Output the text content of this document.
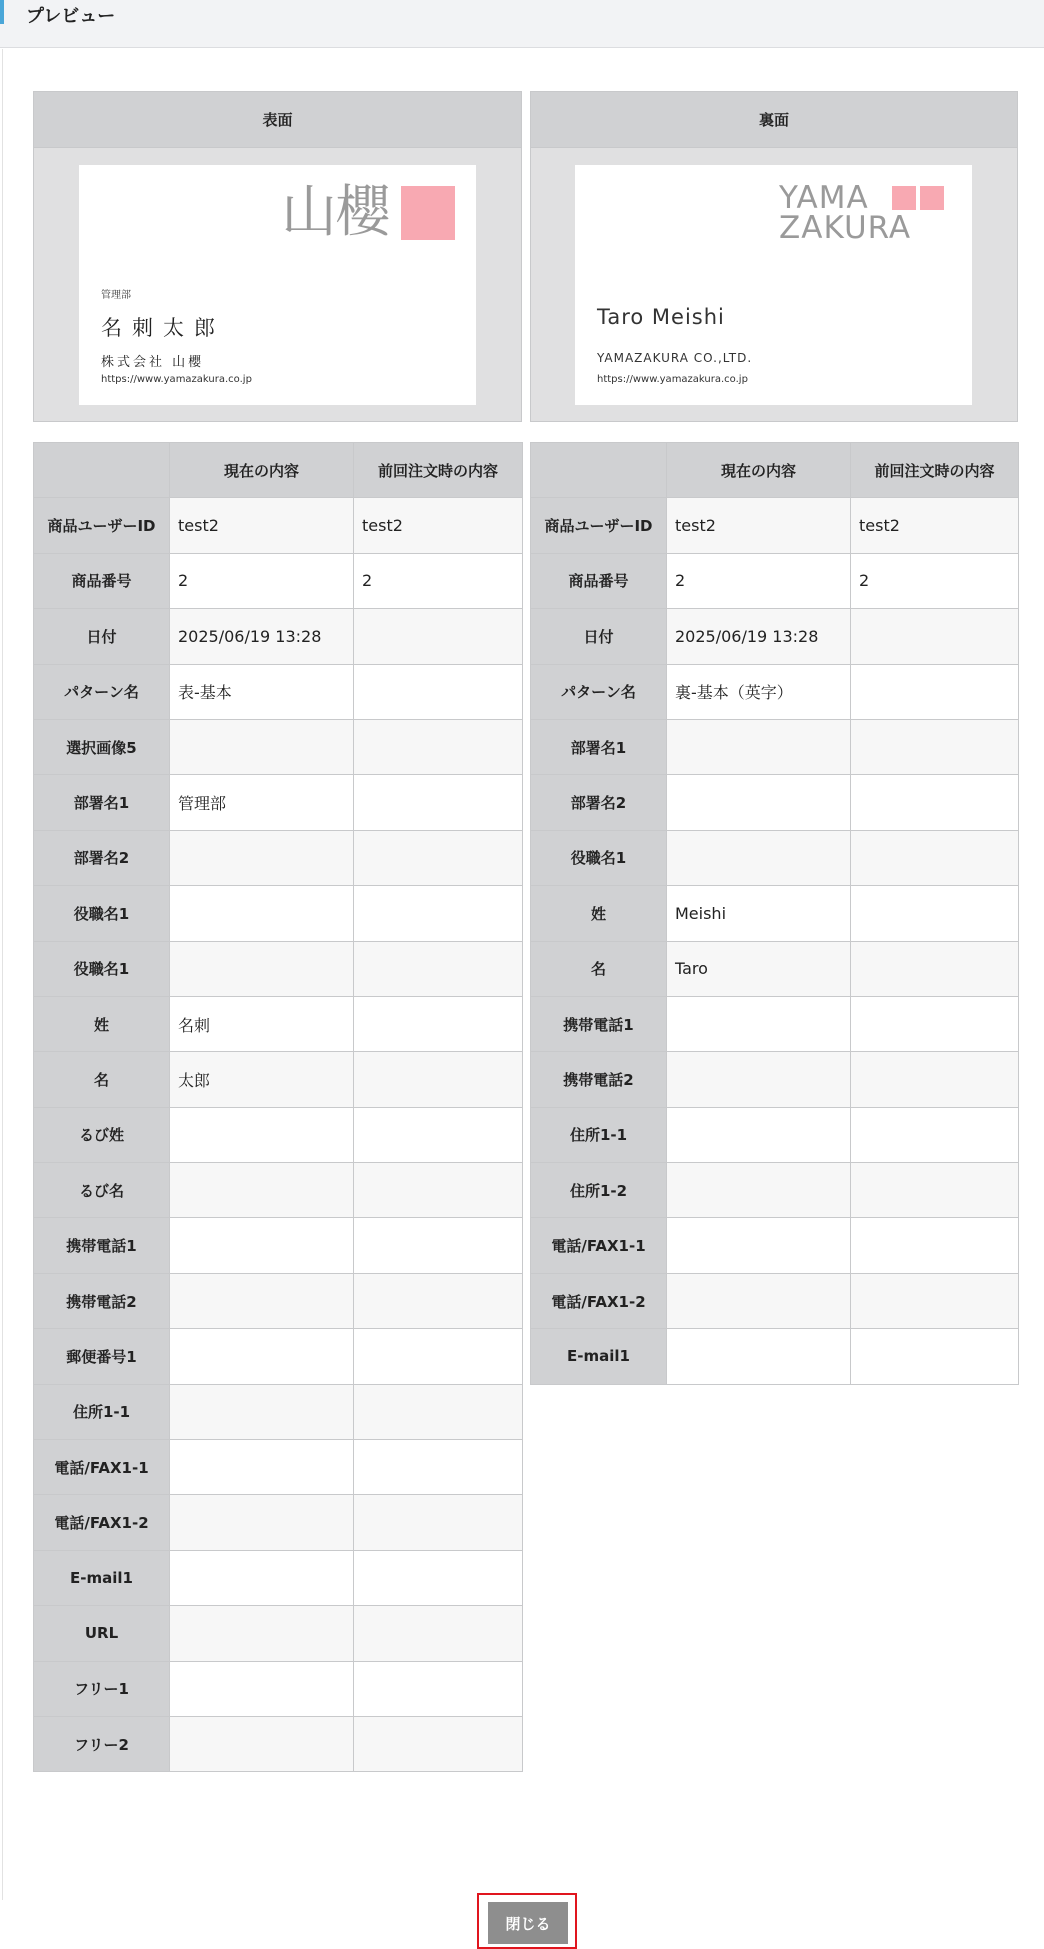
プレビュー
表面
山櫻
管理部
名刺太郎
株式会社 山櫻
https://www.yamazakura.co.jp
	現在の内容	前回注文時の内容
商品ユーザーID	test2	test2
商品番号	2	2
日付	2025/06/19 13:28	
パターン名	表-基本	
選択画像5		
部署名1	管理部	
部署名2		
役職名1		
役職名1		
姓	名刺	
名	太郎	
るび姓		
るび名		
携帯電話1		
携帯電話2		
郵便番号1		
住所1-1		
電話/FAX1-1		
電話/FAX1-2		
E-mail1		
URL		
フリー1		
フリー2		
裏面
YAMA
ZAKURA
Taro Meishi
YAMAZAKURA CO.,LTD.
https://www.yamazakura.co.jp
	現在の内容	前回注文時の内容
商品ユーザーID	test2	test2
商品番号	2	2
日付	2025/06/19 13:28	
パターン名	裏-基本（英字）	
部署名1		
部署名2		
役職名1		
姓	Meishi	
名	Taro	
携帯電話1		
携帯電話2		
住所1-1		
住所1-2		
電話/FAX1-1		
電話/FAX1-2		
E-mail1		
閉じる
